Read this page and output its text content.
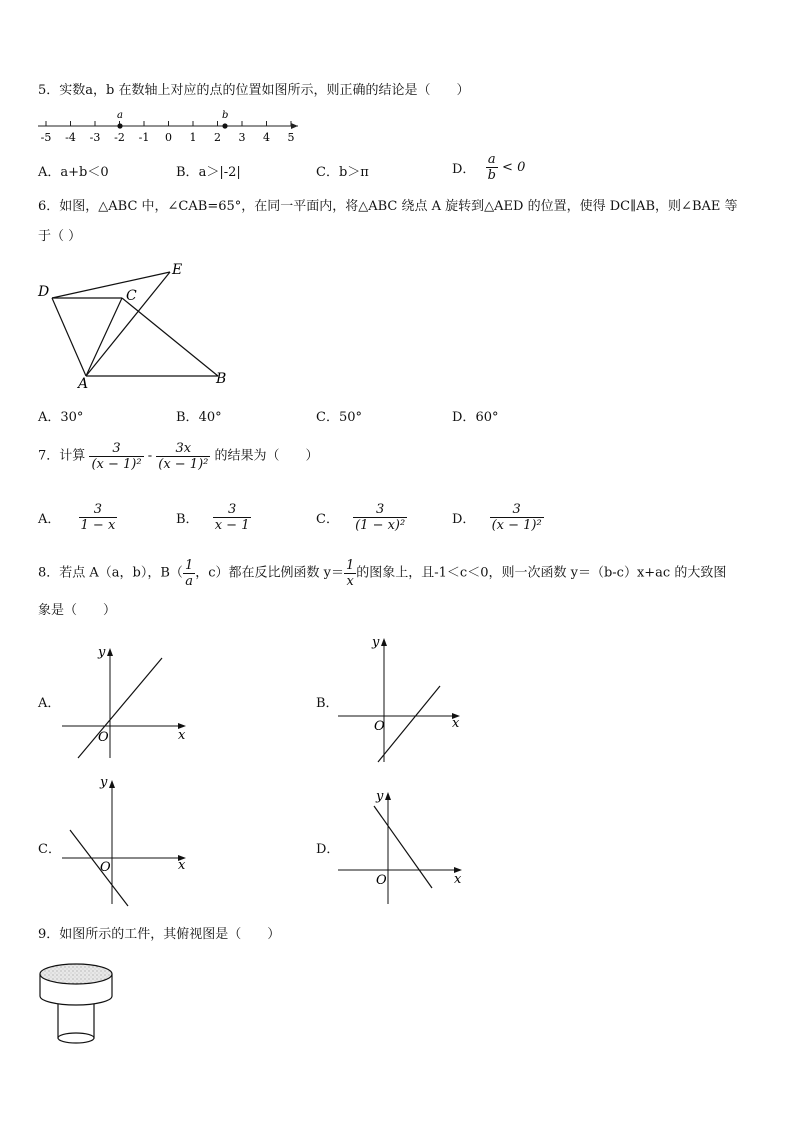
5．实数a，b 在数轴上对应的点的位置如图所示，则正确的结论是（　　）
-5 -4 -3 -2 -1 0 1 2 3 4 5
a	b
A．a+b＜0	B．a＞|-2|	C．b＞π	D． $\frac{a}{b} < 0$
6．如图，△ABC 中，∠CAB=65°，在同一平面内，将△ABC 绕点 A 旋转到△AED 的位置，使得 DC∥AB，则∠BAE 等
于（ ）
D
E
C
A	B
A．30°	B．40°	C．50°	D．60°
7．计算 $\frac{3}{\text{(x − 1)²}} - \frac{3x}{\text{(x − 1)²}}$ 的结果为（　　）
A． $\frac{3}{1 - x}$	B． $\frac{3}{x - 1}$	C． $\frac{3}{\text{(1 − x)²}}$	D． $\frac{3}{\text{(x − 1)²}}$
8．若点 A（a，b），$B( \frac{1}{a}$ ，c）都在反比例函数 $y= \frac{1}{x}$ 的图象上，且-1＜c＜0，则一次函数 y＝（b-c）x+ac 的大致图
象是（　　）
A．
y
x
O
B．
y
x
O
C．
y
x
O
D．
y
x
O
9．如图所示的工件，其俯视图是（　　）
